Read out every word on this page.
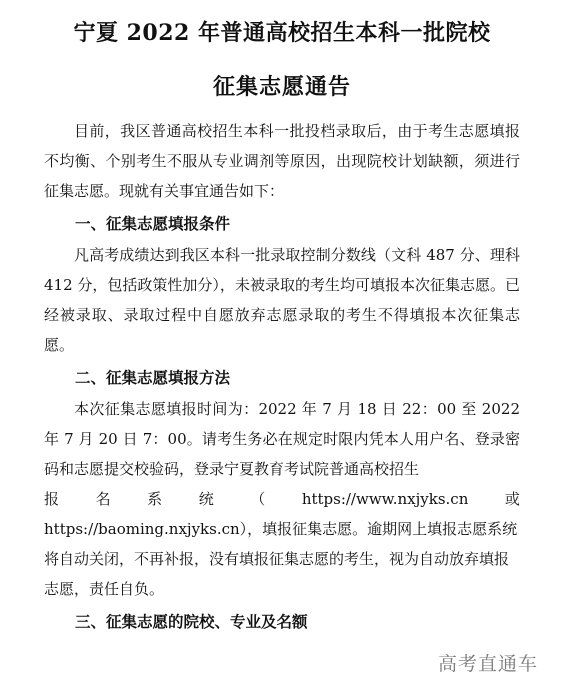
宁夏 2022 年普通高校招生本科一批院校
征集志愿通告

目前，我区普通高校招生本科一批投档录取后，由于考生志愿填报不均衡、个别考生不服从专业调剂等原因，出现院校计划缺额，须进行征集志愿。现就有关事宜通告如下：

一、征集志愿填报条件

凡高考成绩达到我区本科一批录取控制分数线（文科 487 分、理科 412 分，包括政策性加分），未被录取的考生均可填报本次征集志愿。已经被录取、录取过程中自愿放弃志愿录取的考生不得填报本次征集志愿。

二、征集志愿填报方法

本次征集志愿填报时间为：2022 年 7 月 18 日 22：00 至 2022 年 7 月 20 日 7：00。请考生务必在规定时限内凭本人用户名、登录密码和志愿提交校验码，登录宁夏教育考试院普通高校招生

报 名 系 统 （ https://www.nxjyks.cn 或

https://baoming.nxjyks.cn），填报征集志愿。逾期网上填报志愿系统将自动关闭，不再补报，没有填报征集志愿的考生，视为自动放弃填报志愿，责任自负。

三、征集志愿的院校、专业及名额
高考直通车
